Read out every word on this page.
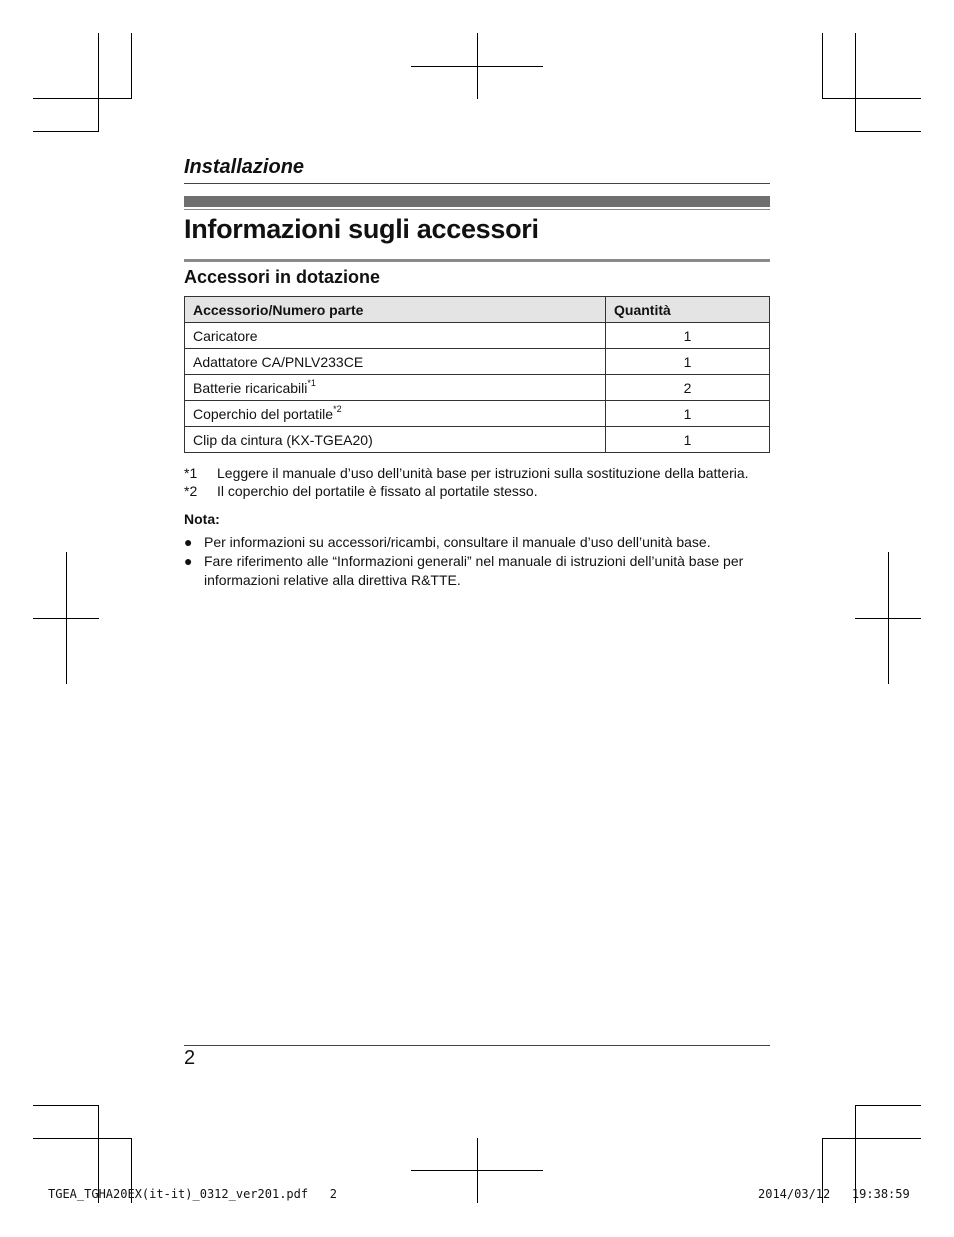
Installazione
Informazioni sugli accessori
Accessori in dotazione
Accessorio/Numero parte	Quantità
Caricatore	1
Adattatore CA/PNLV233CE	1
Batterie ricaricabili$^{*1}$	2
Coperchio del portatile$^{*2}$	1
Clip da cintura (KX-TGEA20)	1
*1 Leggere il manuale d’uso dell’unità base per istruzioni sulla sostituzione della batteria.
*2 Il coperchio del portatile è fissato al portatile stesso.
Nota:
● Per informazioni su accessori/ricambi, consultare il manuale d’uso dell’unità base.
● Fare riferimento alle “Informazioni generali” nel manuale di istruzioni dell’unità base per informazioni relative alla direttiva R&TTE.
2
TGEA_TGHA20EX(it-it)_0312_ver201.pdf   2	2014/03/12   19:38:59
